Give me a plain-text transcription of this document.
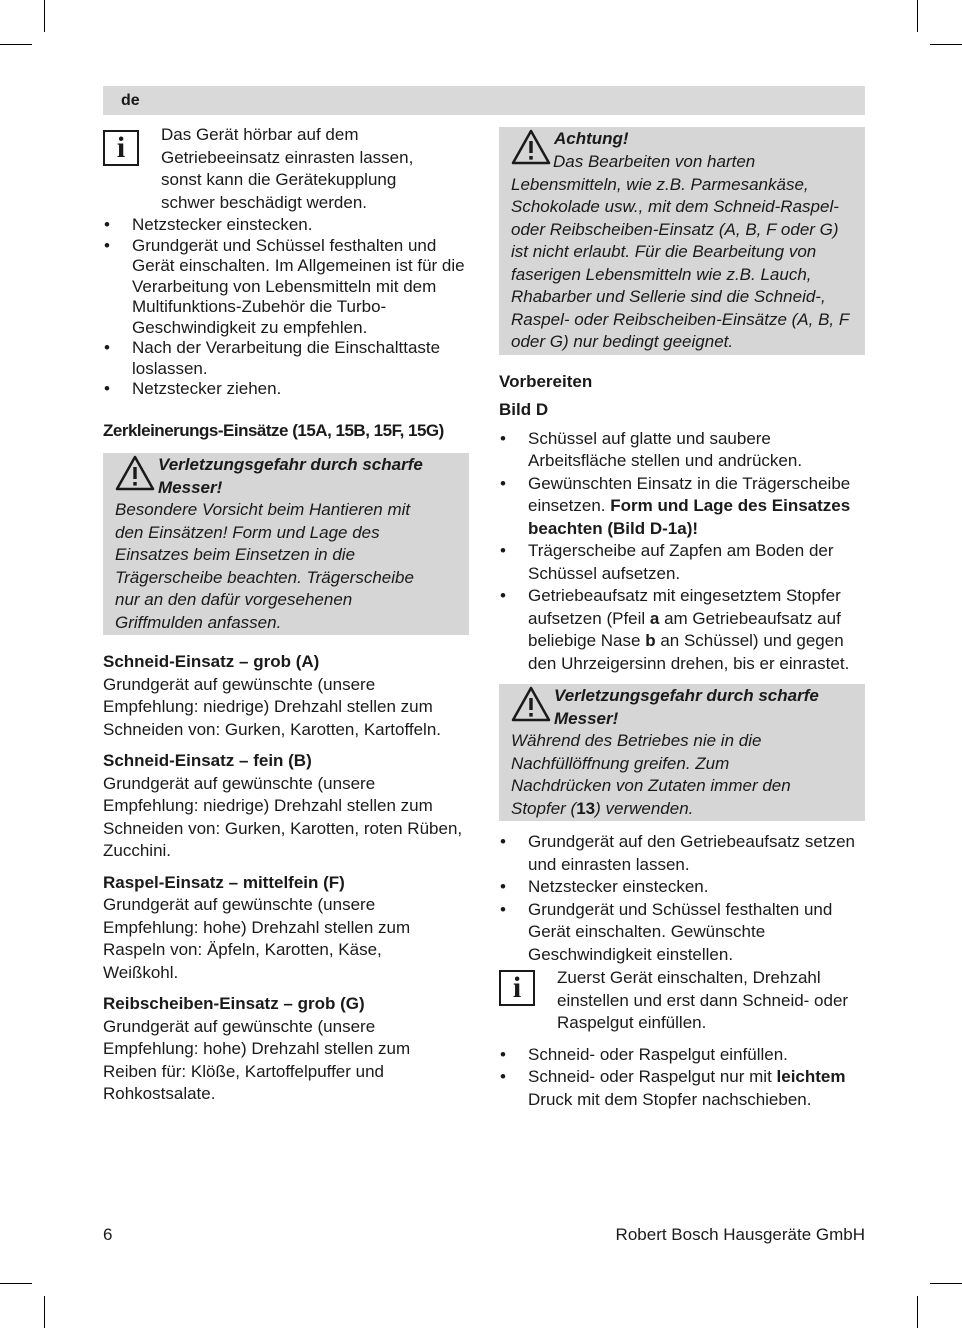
de
i	Das Gerät hörbar auf dem Getriebeeinsatz einrasten lassen, sonst kann die Gerätekupplung schwer beschädigt werden.
• Netzstecker einstecken.
• Grundgerät und Schüssel festhalten und Gerät einschalten. Im Allgemeinen ist für die Verarbeitung von Lebensmitteln mit dem Multifunktions-Zubehör die Turbo-Geschwindigkeit zu empfehlen.
• Nach der Verarbeitung die Einschalttaste loslassen.
• Netzstecker ziehen.
Zerkleinerungs-Einsätze (15A, 15B, 15F, 15G)
Verletzungsgefahr durch scharfe Messer!
Besondere Vorsicht beim Hantieren mit den Einsätzen! Form und Lage des Einsatzes beim Einsetzen in die Trägerscheibe beachten. Trägerscheibe nur an den dafür vorgesehenen Griffmulden anfassen.
Schneid-Einsatz – grob (A)
Grundgerät auf gewünschte (unsere Empfehlung: niedrige) Drehzahl stellen zum Schneiden von: Gurken, Karotten, Kartoffeln.
Schneid-Einsatz – fein (B)
Grundgerät auf gewünschte (unsere Empfehlung: niedrige) Drehzahl stellen zum Schneiden von: Gurken, Karotten, roten Rüben, Zucchini.
Raspel-Einsatz – mittelfein (F)
Grundgerät auf gewünschte (unsere Empfehlung: hohe) Drehzahl stellen zum Raspeln von: Äpfeln, Karotten, Käse, Weißkohl.
Reibscheiben-Einsatz – grob (G)
Grundgerät auf gewünschte (unsere Empfehlung: hohe) Drehzahl stellen zum Reiben für: Klöße, Kartoffelpuffer und Rohkostsalate.
Achtung!
Das Bearbeiten von harten Lebensmitteln, wie z.B. Parmesankäse, Schokolade usw., mit dem Schneid-Raspel- oder Reibscheiben-Einsatz (A, B, F oder G) ist nicht erlaubt. Für die Bearbeitung von faserigen Lebensmitteln wie z.B. Lauch, Rhabarber und Sellerie sind die Schneid-, Raspel- oder Reibscheiben-Einsätze (A, B, F oder G) nur bedingt geeignet.
Vorbereiten
Bild D
• Schüssel auf glatte und saubere Arbeitsfläche stellen und andrücken.
• Gewünschten Einsatz in die Trägerscheibe einsetzen. Form und Lage des Einsatzes beachten (Bild D-1a)!
• Trägerscheibe auf Zapfen am Boden der Schüssel aufsetzen.
• Getriebeaufsatz mit eingesetztem Stopfer aufsetzen (Pfeil a am Getriebeaufsatz auf beliebige Nase b an Schüssel) und gegen den Uhrzeigersinn drehen, bis er einrastet.
Verletzungsgefahr durch scharfe Messer!
Während des Betriebes nie in die Nachfüllöffnung greifen. Zum Nachdrücken von Zutaten immer den Stopfer (13) verwenden.
• Grundgerät auf den Getriebeaufsatz setzen und einrasten lassen.
• Netzstecker einstecken.
• Grundgerät und Schüssel festhalten und Gerät einschalten. Gewünschte Geschwindigkeit einstellen.
i	Zuerst Gerät einschalten, Drehzahl einstellen und erst dann Schneid- oder Raspelgut einfüllen.
• Schneid- oder Raspelgut einfüllen.
• Schneid- oder Raspelgut nur mit leichtem Druck mit dem Stopfer nachschieben.
6	Robert Bosch Hausgeräte GmbH
